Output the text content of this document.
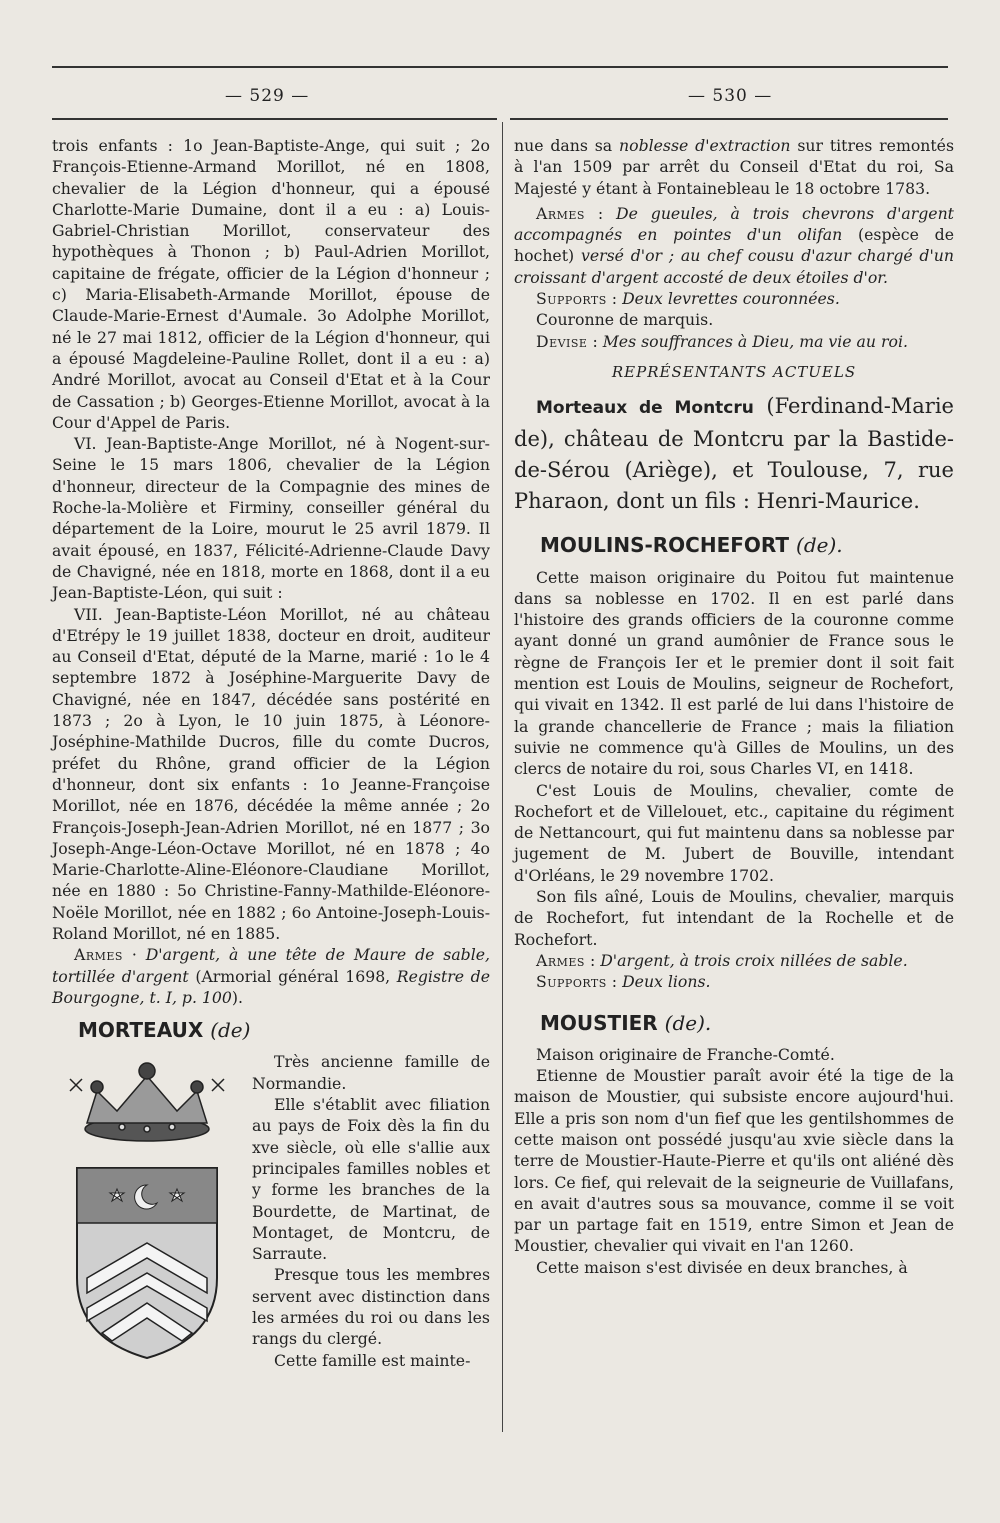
— 529 —	— 530 —

trois enfants : 1o Jean-Baptiste-Ange, qui suit ; 2o François-Etienne-Armand Morillot, né en 1808, chevalier de la Légion d'honneur, qui a épousé Charlotte-Marie Dumaine, dont il a eu : a) Louis-Gabriel-Christian Morillot, conservateur des hypothèques à Thonon ; b) Paul-Adrien Morillot, capitaine de frégate, officier de la Légion d'honneur ; c) Maria-Elisabeth-Armande Morillot, épouse de Claude-Marie-Ernest d'Aumale. 3o Adolphe Morillot, né le 27 mai 1812, officier de la Légion d'honneur, qui a épousé Magdeleine-Pauline Rollet, dont il a eu : a) André Morillot, avocat au Conseil d'Etat et à la Cour de Cassation ; b) Georges-Etienne Morillot, avocat à la Cour d'Appel de Paris.

VI. Jean-Baptiste-Ange Morillot, né à Nogent-sur-Seine le 15 mars 1806, chevalier de la Légion d'honneur, directeur de la Compagnie des mines de Roche-la-Molière et Firminy, conseiller général du département de la Loire, mourut le 25 avril 1879. Il avait épousé, en 1837, Félicité-Adrienne-Claude Davy de Chavigné, née en 1818, morte en 1868, dont il a eu Jean-Baptiste-Léon, qui suit :

VII. Jean-Baptiste-Léon Morillot, né au château d'Etrépy le 19 juillet 1838, docteur en droit, auditeur au Conseil d'Etat, député de la Marne, marié : 1o le 4 septembre 1872 à Joséphine-Marguerite Davy de Chavigné, née en 1847, décédée sans postérité en 1873 ; 2o à Lyon, le 10 juin 1875, à Léonore-Joséphine-Mathilde Ducros, fille du comte Ducros, préfet du Rhône, grand officier de la Légion d'honneur, dont six enfants : 1o Jeanne-Françoise Morillot, née en 1876, décédée la même année ; 2o François-Joseph-Jean-Adrien Morillot, né en 1877 ; 3o Joseph-Ange-Léon-Octave Morillot, né en 1878 ; 4o Marie-Charlotte-Aline-Eléonore-Claudiane Morillot, née en 1880 : 5o Christine-Fanny-Mathilde-Eléonore-Noële Morillot, née en 1882 ; 6o Antoine-Joseph-Louis-Roland Morillot, né en 1885.

Armes · D'argent, à une tête de Maure de sable, tortillée d'argent (Armorial général 1698, Registre de Bourgogne, t. I, p. 100).

MORTEAUX (de)

Très ancienne famille de Normandie.

Elle s'établit avec filiation au pays de Foix dès la fin du xve siècle, où elle s'allie aux principales familles nobles et y forme les branches de la Bourdette, de Martinat, de Montaget, de Montcru, de Sarraute.

Presque tous les membres servent avec distinction dans les armées du roi ou dans les rangs du clergé.

Cette famille est mainte-

nue dans sa noblesse d'extraction sur titres remontés à l'an 1509 par arrêt du Conseil d'Etat du roi, Sa Majesté y étant à Fontainebleau le 18 octobre 1783.

Armes : De gueules, à trois chevrons d'argent accompagnés en pointes d'un olifan (espèce de hochet) versé d'or ; au chef cousu d'azur chargé d'un croissant d'argent accosté de deux étoiles d'or.

Supports : Deux levrettes couronnées.

Couronne de marquis.

Devise : Mes souffrances à Dieu, ma vie au roi.

REPRÉSENTANTS ACTUELS

Morteaux de Montcru (Ferdinand-Marie de), château de Montcru par la Bastide-de-Sérou (Ariège), et Toulouse, 7, rue Pharaon, dont un fils : Henri-Maurice.

MOULINS-ROCHEFORT (de).

Cette maison originaire du Poitou fut maintenue dans sa noblesse en 1702. Il en est parlé dans l'histoire des grands officiers de la couronne comme ayant donné un grand aumônier de France sous le règne de François Ier et le premier dont il soit fait mention est Louis de Moulins, seigneur de Rochefort, qui vivait en 1342. Il est parlé de lui dans l'histoire de la grande chancellerie de France ; mais la filiation suivie ne commence qu'à Gilles de Moulins, un des clercs de notaire du roi, sous Charles VI, en 1418.

C'est Louis de Moulins, chevalier, comte de Rochefort et de Villelouet, etc., capitaine du régiment de Nettancourt, qui fut maintenu dans sa noblesse par jugement de M. Jubert de Bouville, intendant d'Orléans, le 29 novembre 1702.

Son fils aîné, Louis de Moulins, chevalier, marquis de Rochefort, fut intendant de la Rochelle et de Rochefort.

Armes : D'argent, à trois croix nillées de sable.

Supports : Deux lions.

MOUSTIER (de).

Maison originaire de Franche-Comté.

Etienne de Moustier paraît avoir été la tige de la maison de Moustier, qui subsiste encore aujourd'hui. Elle a pris son nom d'un fief que les gentilshommes de cette maison ont possédé jusqu'au xvie siècle dans la terre de Moustier-Haute-Pierre et qu'ils ont aliéné dès lors. Ce fief, qui relevait de la seigneurie de Vuillafans, en avait d'autres sous sa mouvance, comme il se voit par un partage fait en 1519, entre Simon et Jean de Moustier, chevalier qui vivait en l'an 1260.

Cette maison s'est divisée en deux branches, à
